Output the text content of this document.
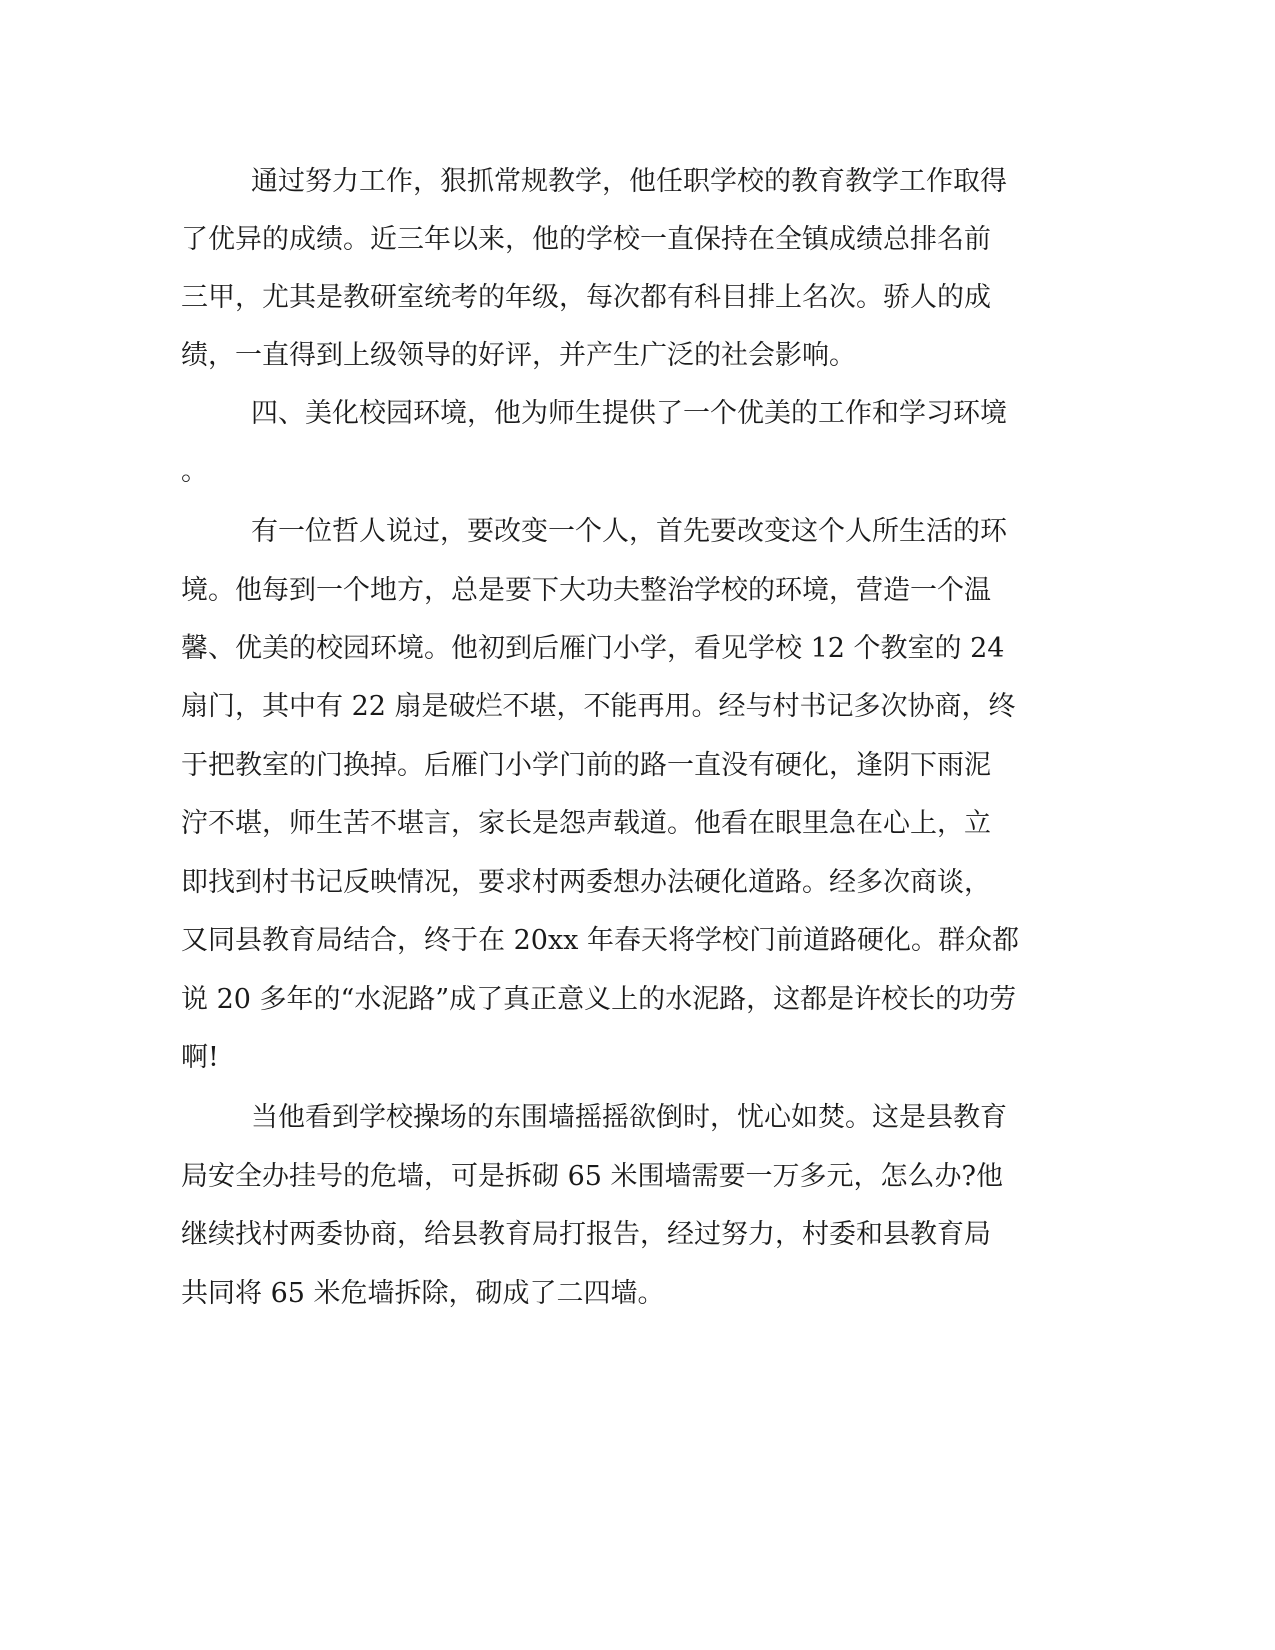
通过努力工作，狠抓常规教学，他任职学校的教育教学工作取得
了优异的成绩。近三年以来，他的学校一直保持在全镇成绩总排名前
三甲，尤其是教研室统考的年级，每次都有科目排上名次。骄人的成
绩，一直得到上级领导的好评，并产生广泛的社会影响。
四、美化校园环境，他为师生提供了一个优美的工作和学习环境
。
有一位哲人说过，要改变一个人，首先要改变这个人所生活的环
境。他每到一个地方，总是要下大功夫整治学校的环境，营造一个温
馨、优美的校园环境。他初到后雁门小学，看见学校 12 个教室的 24
扇门，其中有 22 扇是破烂不堪，不能再用。经与村书记多次协商，终
于把教室的门换掉。后雁门小学门前的路一直没有硬化，逢阴下雨泥
泞不堪，师生苦不堪言，家长是怨声载道。他看在眼里急在心上，立
即找到村书记反映情况，要求村两委想办法硬化道路。经多次商谈，
又同县教育局结合，终于在 20xx 年春天将学校门前道路硬化。群众都
说 20 多年的“水泥路”成了真正意义上的水泥路，这都是许校长的功劳
啊!
当他看到学校操场的东围墙摇摇欲倒时，忧心如焚。这是县教育
局安全办挂号的危墙，可是拆砌 65 米围墙需要一万多元，怎么办?他
继续找村两委协商，给县教育局打报告，经过努力，村委和县教育局
共同将 65 米危墙拆除，砌成了二四墙。
